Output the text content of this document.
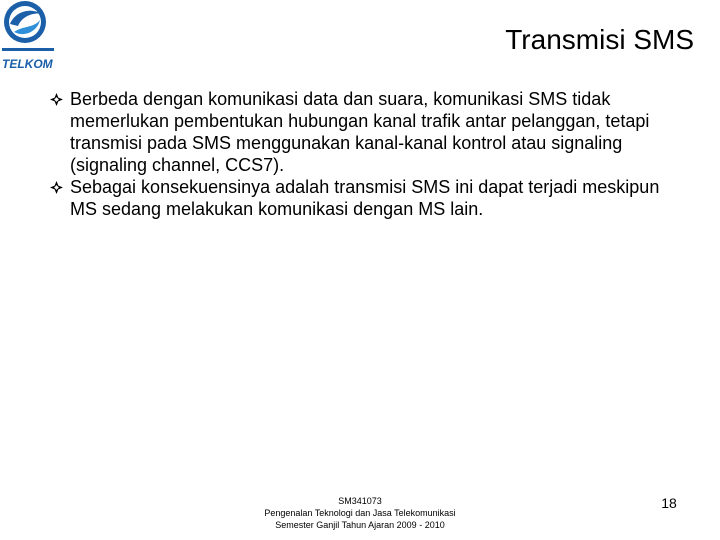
TELKOM
Transmisi SMS
Berbeda dengan komunikasi data dan suara, komunikasi SMS tidak memerlukan pembentukan hubungan kanal trafik antar pelanggan, tetapi transmisi pada SMS menggunakan kanal-kanal kontrol atau signaling (signaling channel, CCS7).
Sebagai konsekuensinya adalah transmisi SMS ini dapat terjadi meskipun MS sedang melakukan komunikasi dengan MS lain.
SM341073
Pengenalan Teknologi dan Jasa Telekomunikasi
Semester Ganjil Tahun Ajaran 2009 - 2010
18
